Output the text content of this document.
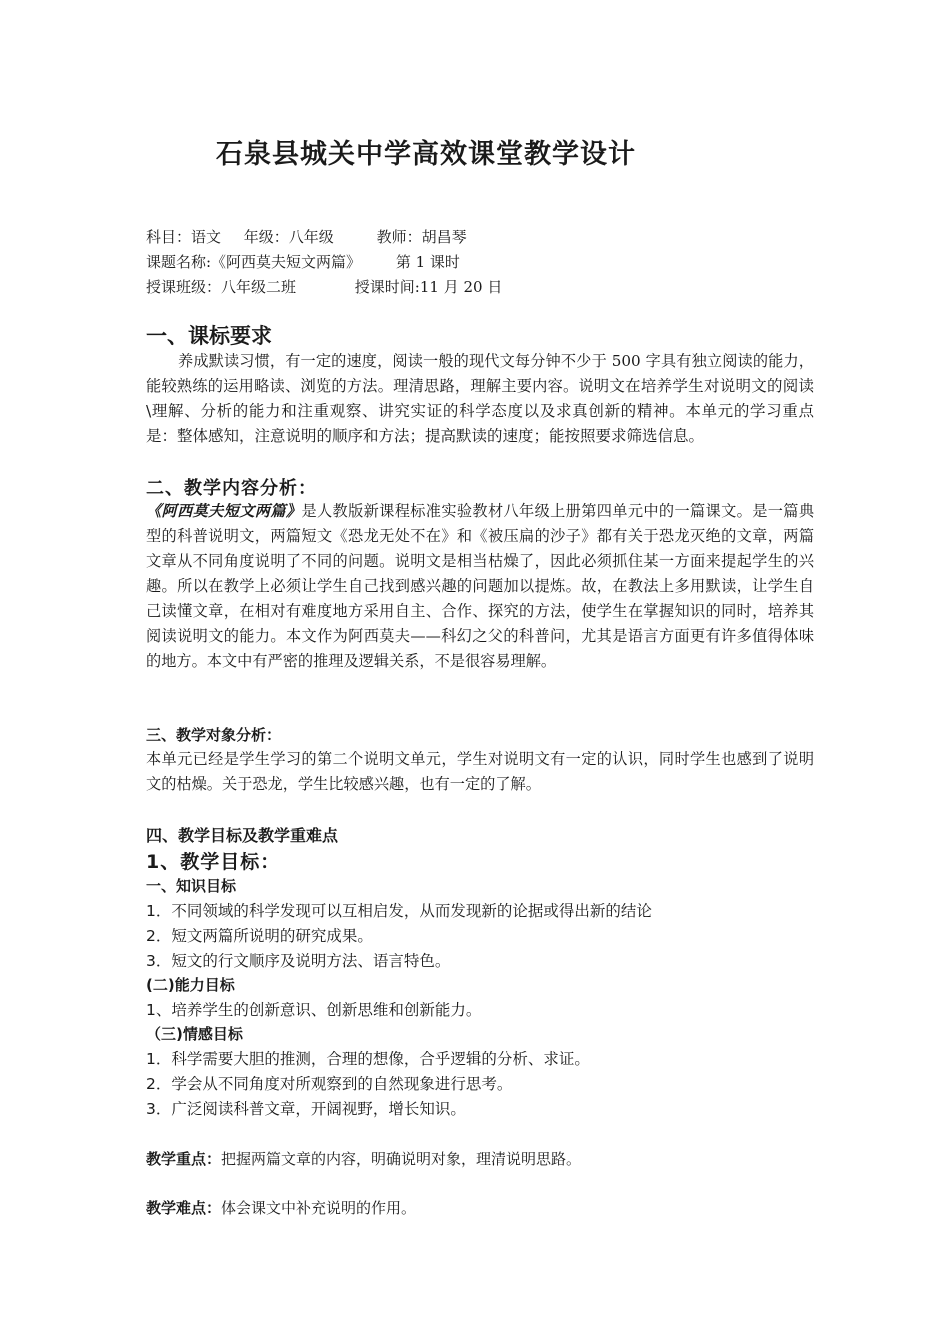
石泉县城关中学高效课堂教学设计
科目：语文 年级：八年级	教师：胡昌琴
课题名称:《阿西莫夫短文两篇》 第 1 课时
授课班级：八年级二班	授课时间:11 月 20 日
一、课标要求
养成默读习惯，有一定的速度，阅读一般的现代文每分钟不少于 500 字具有独立阅读的能力，能较熟练的运用略读、浏览的方法。理清思路，理解主要内容。说明文在培养学生对说明文的阅读\理解、分析的能力和注重观察、讲究实证的科学态度以及求真创新的精神。本单元的学习重点是：整体感知，注意说明的顺序和方法；提高默读的速度；能按照要求筛选信息。
二、教学内容分析：
《阿西莫夫短文两篇》是人教版新课程标准实验教材八年级上册第四单元中的一篇课文。是一篇典型的科普说明文，两篇短文《恐龙无处不在》和《被压扁的沙子》都有关于恐龙灭绝的文章，两篇文章从不同角度说明了不同的问题。说明文是相当枯燥了，因此必须抓住某一方面来提起学生的兴趣。所以在教学上必须让学生自己找到感兴趣的问题加以提炼。故，在教法上多用默读，让学生自己读懂文章，在相对有难度地方采用自主、合作、探究的方法，使学生在掌握知识的同时，培养其阅读说明文的能力。本文作为阿西莫夫——科幻之父的科普问，尤其是语言方面更有许多值得体味的地方。本文中有严密的推理及逻辑关系，不是很容易理解。
三、教学对象分析：
本单元已经是学生学习的第二个说明文单元，学生对说明文有一定的认识，同时学生也感到了说明文的枯燥。关于恐龙，学生比较感兴趣，也有一定的了解。
四、教学目标及教学重难点
1、教学目标：
一、知识目标
1．不同领域的科学发现可以互相启发，从而发现新的论据或得出新的结论
2．短文两篇所说明的研究成果。
3．短文的行文顺序及说明方法、语言特色。
(二)能力目标
1、培养学生的创新意识、创新思维和创新能力。
（三)情感目标
1．科学需要大胆的推测，合理的想像，合乎逻辑的分析、求证。
2．学会从不同角度对所观察到的自然现象进行思考。
3．广泛阅读科普文章，开阔视野，增长知识。
教学重点：把握两篇文章的内容，明确说明对象，理清说明思路。
教学难点：体会课文中补充说明的作用。
